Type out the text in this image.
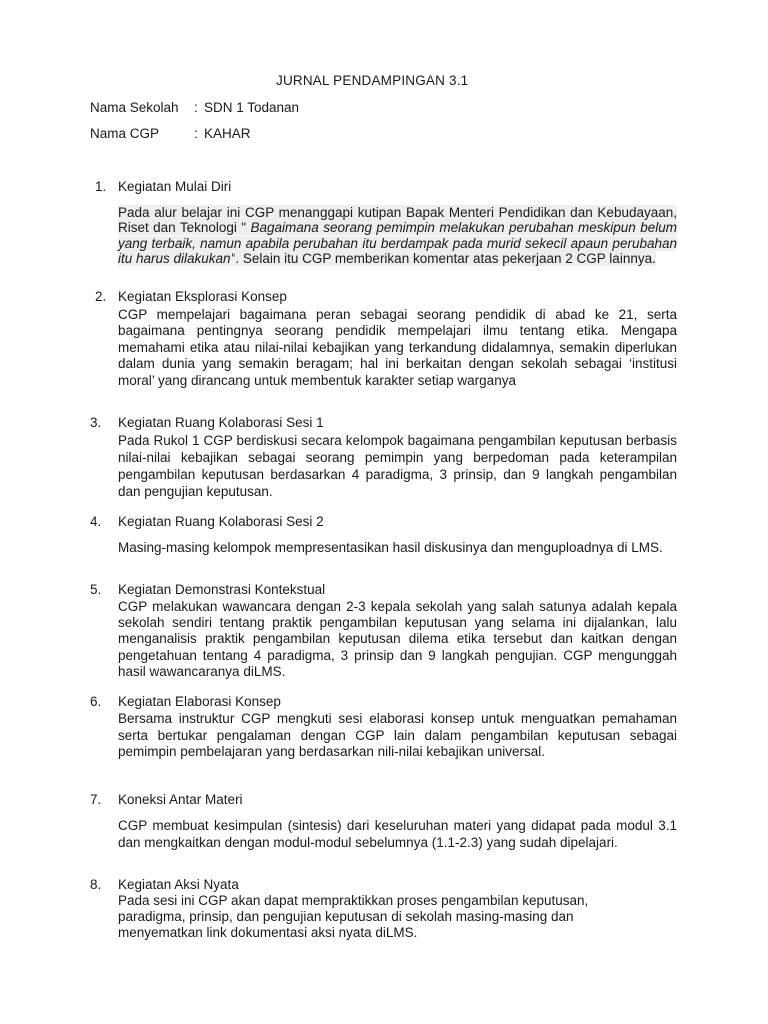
JURNAL PENDAMPINGAN 3.1
Nama Sekolah : SDN 1 Todanan
Nama CGP	: KAHAR
1. Kegiatan Mulai Diri
Pada alur belajar ini CGP menanggapi kutipan Bapak Menteri Pendidikan dan Kebudayaan, Riset dan Teknologi " Bagaimana seorang pemimpin melakukan perubahan meskipun belum yang terbaik, namun apabila perubahan itu berdampak pada murid sekecil apaun perubahan itu harus dilakukan". Selain itu CGP memberikan komentar atas pekerjaan 2 CGP lainnya.
2. Kegiatan Eksplorasi Konsep
CGP mempelajari bagaimana peran sebagai seorang pendidik di abad ke 21, serta bagaimana pentingnya seorang pendidik mempelajari ilmu tentang etika. Mengapa memahami etika atau nilai-nilai kebajikan yang terkandung didalamnya, semakin diperlukan dalam dunia yang semakin beragam; hal ini berkaitan dengan sekolah sebagai ‘institusi moral’ yang dirancang untuk membentuk karakter setiap warganya
3. Kegiatan Ruang Kolaborasi Sesi 1
Pada Rukol 1 CGP berdiskusi secara kelompok bagaimana pengambilan keputusan berbasis nilai-nilai kebajikan sebagai seorang pemimpin yang berpedoman pada keterampilan pengambilan keputusan berdasarkan 4 paradigma, 3 prinsip, dan 9 langkah pengambilan dan pengujian keputusan.
4. Kegiatan Ruang Kolaborasi Sesi 2
Masing-masing kelompok mempresentasikan hasil diskusinya dan menguploadnya di LMS.
5. Kegiatan Demonstrasi Kontekstual
CGP melakukan wawancara dengan 2-3 kepala sekolah yang salah satunya adalah kepala sekolah sendiri tentang praktik pengambilan keputusan yang selama ini dijalankan, lalu menganalisis praktik pengambilan keputusan dilema etika tersebut dan kaitkan dengan pengetahuan tentang 4 paradigma, 3 prinsip dan 9 langkah pengujian. CGP mengunggah hasil wawancaranya diLMS.
6. Kegiatan Elaborasi Konsep
Bersama instruktur CGP mengkuti sesi elaborasi konsep untuk menguatkan pemahaman serta bertukar pengalaman dengan CGP lain dalam pengambilan keputusan sebagai pemimpin pembelajaran yang berdasarkan nili-nilai kebajikan universal.
7. Koneksi Antar Materi
CGP membuat kesimpulan (sintesis) dari keseluruhan materi yang didapat pada modul 3.1 dan mengkaitkan dengan modul-modul sebelumnya (1.1-2.3) yang sudah dipelajari.
8. Kegiatan Aksi Nyata
Pada sesi ini CGP akan dapat mempraktikkan proses pengambilan keputusan, paradigma, prinsip, dan pengujian keputusan di sekolah masing-masing dan menyematkan link dokumentasi aksi nyata diLMS.
